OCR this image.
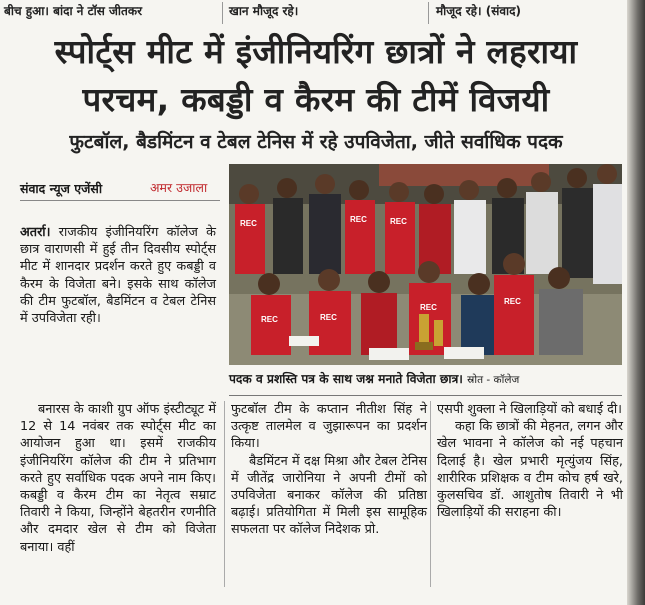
बीच हुआ। बांदा ने टॉस जीतकर	खान मौजूद रहे।	मौजूद रहे। (संवाद)
स्पोर्ट्स मीट में इंजीनियरिंग छात्रों ने लहराया
परचम, कबड्डी व कैरम की टीमें विजयी
फुटबॉल, बैडमिंटन व टेबल टेनिस में रहे उपविजेता, जीते सर्वाधिक पदक
संवाद न्यूज एजेंसी	अमर उजाला

अतर्रा। राजकीय इंजीनियरिंग कॉलेज के छात्र वाराणसी में हुई तीन दिवसीय स्पोर्ट्स मीट में शानदार प्रदर्शन करते हुए कबड्डी व कैरम के विजेता बने। इसके साथ कॉलेज की टीम फुटबॉल, बैडमिंटन व टेबल टेनिस में उपविजेता रही।

बनारस के काशी ग्रुप ऑफ इंस्टीट्यूट में 12 से 14 नवंबर तक स्पोर्ट्स मीट का आयोजन हुआ था। इसमें राजकीय इंजीनियरिंग कॉलेज की टीम ने प्रतिभाग करते हुए सर्वाधिक पदक अपने नाम किए। कबड्डी व कैरम टीम का नेतृत्व सम्राट तिवारी ने किया, जिन्होंने बेहतरीन रणनीति और दमदार खेल से टीम को विजेता बनाया। वहीं

फुटबॉल टीम के कप्तान नीतीश सिंह ने उत्कृष्ट तालमेल व जुझारूपन का प्रदर्शन किया।

बैडमिंटन में दक्ष मिश्रा और टेबल टेनिस में जीतेंद्र जारोनिया ने अपनी टीमों को उपविजेता बनाकर कॉलेज की प्रतिष्ठा बढ़ाई। प्रतियोगिता में मिली इस सामूहिक सफलता पर कॉलेज निदेशक प्रो.

एसपी शुक्ला ने खिलाड़ियों को बधाई दी।

कहा कि छात्रों की मेहनत, लगन और खेल भावना ने कॉलेज को नई पहचान दिलाई है। खेल प्रभारी मृत्युंजय सिंह, शारीरिक प्रशिक्षक व टीम कोच हर्ष खरे, कुलसचिव डॉ. आशुतोष तिवारी ने भी खिलाड़ियों की सराहना की।

REC	REC	REC
REC	REC
REC
REC
पदक व प्रशस्ति पत्र के साथ जश्न मनाते विजेता छात्र। स्रोत - कॉलेज
